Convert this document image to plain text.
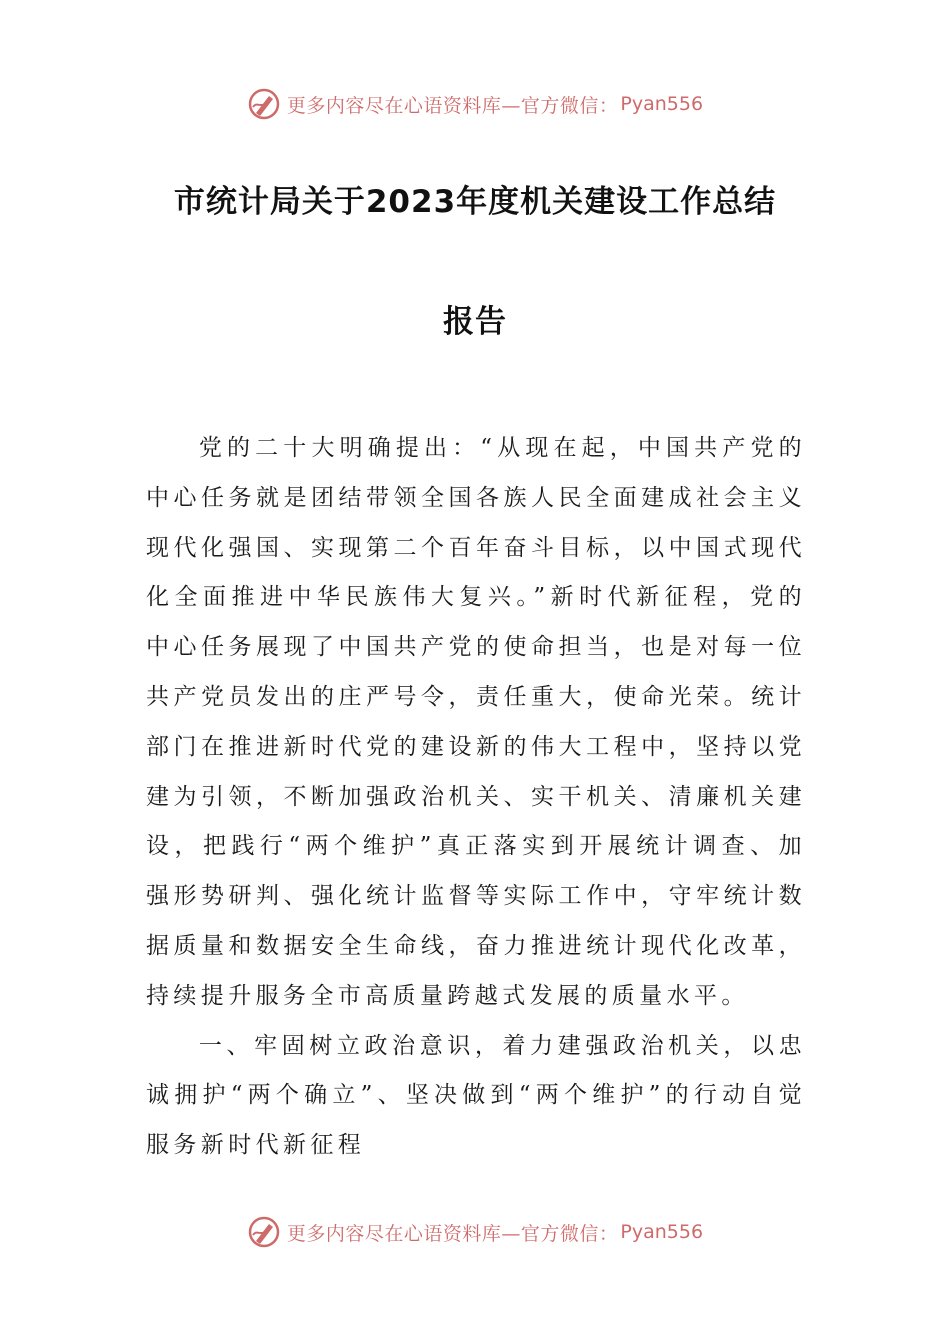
更多内容尽在心语资料库—官方微信： Pyan556
市统计局关于2023年度机关建设工作总结
报告

党的二十大明确提出：“从现在起，中国共产党的中心任务就是团结带领全国各族人民全面建成社会主义现代化强国、实现第二个百年奋斗目标，以中国式现代化全面推进中华民族伟大复兴。”新时代新征程，党的中心任务展现了中国共产党的使命担当，也是对每一位共产党员发出的庄严号令，责任重大，使命光荣。统计部门在推进新时代党的建设新的伟大工程中，坚持以党建为引领，不断加强政治机关、实干机关、清廉机关建设，把践行“两个维护”真正落实到开展统计调查、加强形势研判、强化统计监督等实际工作中，守牢统计数据质量和数据安全生命线，奋力推进统计现代化改革，持续提升服务全市高质量跨越式发展的质量水平。

一、牢固树立政治意识，着力建强政治机关，以忠诚拥护“两个确立”、坚决做到“两个维护”的行动自觉服务新时代新征程

更多内容尽在心语资料库—官方微信： Pyan556
